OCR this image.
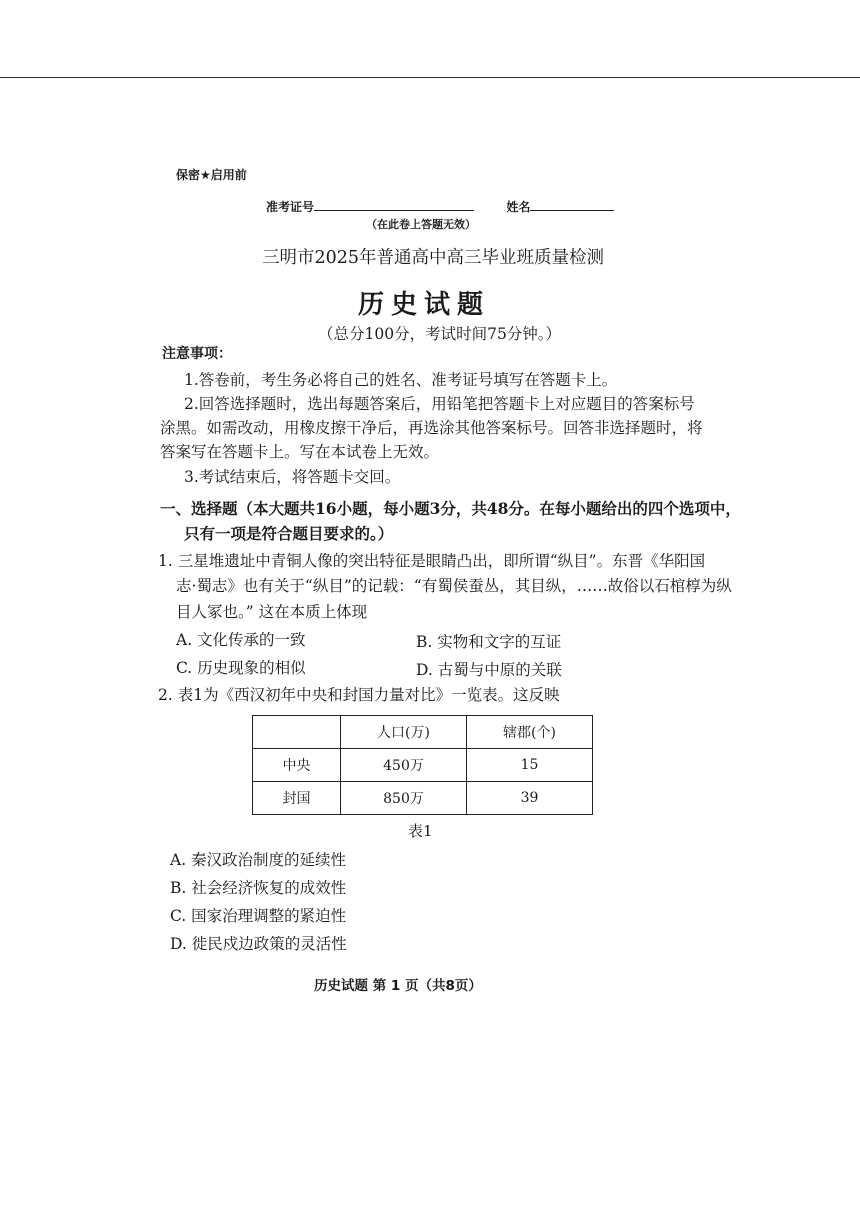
保密★启用前
准考证号	姓名
（在此卷上答题无效）
三明市2025年普通高中高三毕业班质量检测
历史试题
（总分100分，考试时间75分钟。）
注意事项：
1.答卷前，考生务必将自己的姓名、准考证号填写在答题卡上。
2.回答选择题时，选出每题答案后，用铅笔把答题卡上对应题目的答案标号
涂黑。如需改动，用橡皮擦干净后，再选涂其他答案标号。回答非选择题时，将
答案写在答题卡上。写在本试卷上无效。
3.考试结束后，将答题卡交回。
一、选择题（本大题共16小题，每小题3分，共48分。在每小题给出的四个选项中，
只有一项是符合题目要求的。）
1. 三星堆遗址中青铜人像的突出特征是眼睛凸出，即所谓“纵目”。东晋《华阳国
志·蜀志》也有关于“纵目”的记载：“有蜀侯蚕丛，其目纵，……故俗以石棺椁为纵
目人冢也。” 这在本质上体现
A. 文化传承的一致	B. 实物和文字的互证
C. 历史现象的相似	D. 古蜀与中原的关联
2. 表1为《西汉初年中央和封国力量对比》一览表。这反映
	人口(万)	辖郡(个)
中央	450万	15
封国	850万	39
表1
A. 秦汉政治制度的延续性
B. 社会经济恢复的成效性
C. 国家治理调整的紧迫性
D. 徙民戍边政策的灵活性
历史试题 第 1 页（共8页）
